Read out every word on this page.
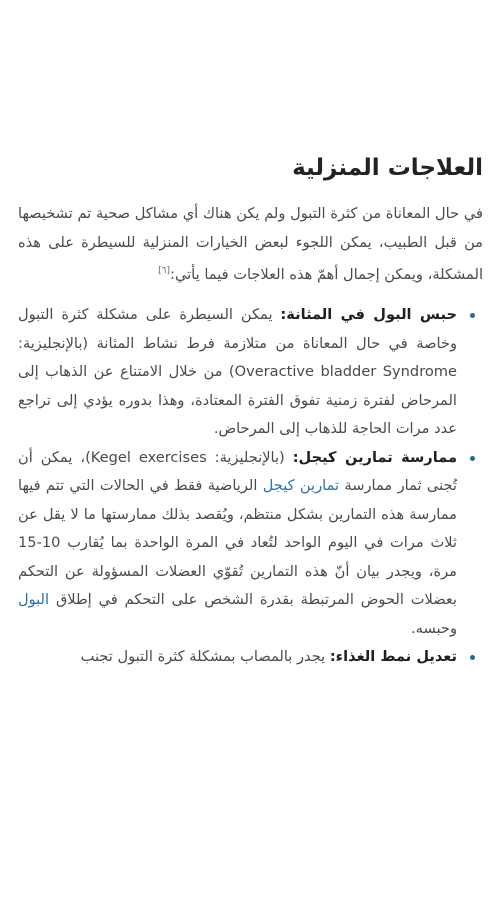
العلاجات المنزلية

في حال المعاناة من كثرة التبول ولم يكن هناك أي مشاكل صحية تم تشخيصها من قبل الطبيب، يمكن اللجوء لبعض الخيارات المنزلية للسيطرة على هذه المشكلة، ويمكن إجمال أهمّ هذه العلاجات فيما يأتي:[٦]

حبس البول في المثانة: يمكن السيطرة على مشكلة كثرة التبول وخاصة في حال المعاناة من متلازمة فرط نشاط المثانة (بالإنجليزية: Overactive bladder Syndrome) من خلال الامتناع عن الذهاب إلى المرحاض لفترة زمنية تفوق الفترة المعتادة، وهذا بدوره يؤدي إلى تراجع عدد مرات الحاجة للذهاب إلى المرحاض.
ممارسة تمارين كيجل: (بالإنجليزية: Kegel exercises)، يمكن أن تُجنى ثمار ممارسة تمارين كيجل الرياضية فقط في الحالات التي تتم فيها ممارسة هذه التمارين بشكل منتظم، ويُقصد بذلك ممارستها ما لا يقل عن ثلاث مرات في اليوم الواحد لتُعاد في المرة الواحدة بما يُقارب 10-15 مرة، ويجدر بيان أنّ هذه التمارين تُقوّي العضلات المسؤولة عن التحكم بعضلات الحوض المرتبطة بقدرة الشخص على التحكم في إطلاق البول وحبسه.
تعديل نمط الغذاء: يجدر بالمصاب بمشكلة كثرة التبول تجنب
